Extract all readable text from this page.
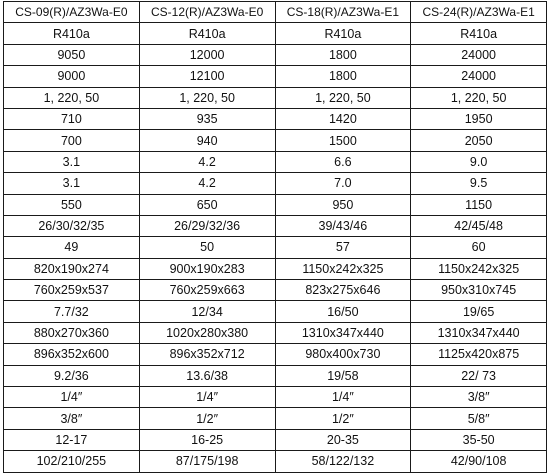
CS-09(R)/AZ3Wa-E0	CS-12(R)/AZ3Wa-E0	CS-18(R)/AZ3Wa-E1	CS-24(R)/AZ3Wa-E1
R410a	R410a	R410a	R410a
9050	12000	1800	24000
9000	12100	1800	24000
1, 220, 50	1, 220, 50	1, 220, 50	1, 220, 50
710	935	1420	1950
700	940	1500	2050
3.1	4.2	6.6	9.0
3.1	4.2	7.0	9.5
550	650	950	1150
26/30/32/35	26/29/32/36	39/43/46	42/45/48
49	50	57	60
820x190x274	900x190x283	1150x242x325	1150x242x325
760x259x537	760x259x663	823x275x646	950x310x745
7.7/32	12/34	16/50	19/65
880x270x360	1020x280x380	1310x347x440	1310x347x440
896x352x600	896x352x712	980x400x730	1125x420x875
9.2/36	13.6/38	19/58	22/ 73
1/4″	1/4″	1/4″	3/8″
3/8″	1/2″	1/2″	5/8″
12-17	16-25	20-35	35-50
102/210/255	87/175/198	58/122/132	42/90/108
